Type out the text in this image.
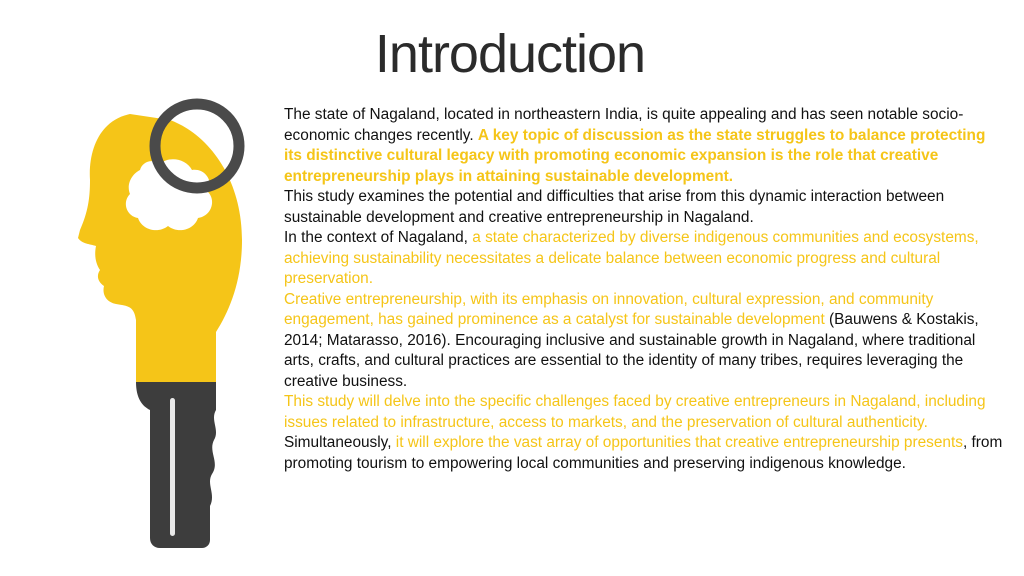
Introduction

The state of Nagaland, located in northeastern India, is quite appealing and has seen notable socio-economic changes recently. A key topic of discussion as the state struggles to balance protecting its distinctive cultural legacy with promoting economic expansion is the role that creative entrepreneurship plays in attaining sustainable development.

This study examines the potential and difficulties that arise from this dynamic interaction between sustainable development and creative entrepreneurship in Nagaland.

In the context of Nagaland, a state characterized by diverse indigenous communities and ecosystems, achieving sustainability necessitates a delicate balance between economic progress and cultural preservation.

Creative entrepreneurship, with its emphasis on innovation, cultural expression, and community engagement, has gained prominence as a catalyst for sustainable development (Bauwens & Kostakis, 2014; Matarasso, 2016). Encouraging inclusive and sustainable growth in Nagaland, where traditional arts, crafts, and cultural practices are essential to the identity of many tribes, requires leveraging the creative business.

This study will delve into the specific challenges faced by creative entrepreneurs in Nagaland, including issues related to infrastructure, access to markets, and the preservation of cultural authenticity. Simultaneously, it will explore the vast array of opportunities that creative entrepreneurship presents, from promoting tourism to empowering local communities and preserving indigenous knowledge.
